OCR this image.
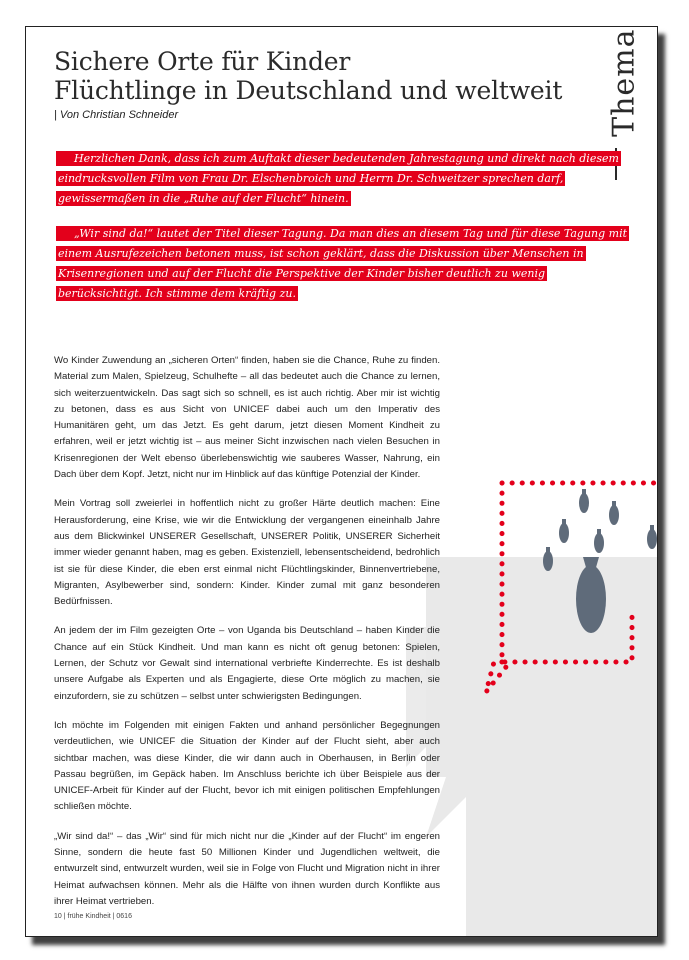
Sichere Orte für Kinder
Flüchtlinge in Deutschland und weltweit
| Von Christian Schneider	Thema

Herzlichen Dank, dass ich zum Auftakt dieser bedeutenden Jahrestagung und direkt nach diesem eindrucksvollen Film von Frau Dr. Elschenbroich und Herrn Dr. Schweitzer sprechen darf, gewissermaßen in die „Ruhe auf der Flucht“ hinein.

„Wir sind da!“ lautet der Titel dieser Tagung. Da man dies an diesem Tag und für diese Tagung mit einem Ausrufezeichen betonen muss, ist schon geklärt, dass die Diskussion über Menschen in Krisenregionen und auf der Flucht die Perspektive der Kinder bisher deutlich zu wenig berücksichtigt. Ich stimme dem kräftig zu.

Wo Kinder Zuwendung an „sicheren Orten“ finden, haben sie die Chance, Ruhe zu finden. Material zum Malen, Spielzeug, Schulhefte – all das bedeutet auch die Chance zu lernen, sich weiterzuentwickeln. Das sagt sich so schnell, es ist auch richtig. Aber mir ist wichtig zu betonen, dass es aus Sicht von UNICEF dabei auch um den Imperativ des Humanitären geht, um das Jetzt. Es geht darum, jetzt diesen Moment Kindheit zu erfahren, weil er jetzt wichtig ist – aus meiner Sicht inzwischen nach vielen Besuchen in Krisenregionen der Welt ebenso überlebenswichtig wie sauberes Wasser, Nahrung, ein Dach über dem Kopf. Jetzt, nicht nur im Hinblick auf das künftige Potenzial der Kinder.

Mein Vortrag soll zweierlei in hoffentlich nicht zu großer Härte deutlich machen: Eine Herausforderung, eine Krise, wie wir die Entwicklung der vergangenen eineinhalb Jahre aus dem Blickwinkel UNSERER Gesellschaft, UNSERER Politik, UNSERER Sicherheit immer wieder genannt haben, mag es geben. Existenziell, lebensentscheidend, bedrohlich ist sie für diese Kinder, die eben erst einmal nicht Flüchtlingskinder, Binnenvertriebene, Migranten, Asylbewerber sind, sondern: Kinder. Kinder zumal mit ganz besonderen Bedürfnissen.

An jedem der im Film gezeigten Orte – von Uganda bis Deutschland – haben Kinder die Chance auf ein Stück Kindheit. Und man kann es nicht oft genug betonen: Spielen, Lernen, der Schutz vor Gewalt sind international verbriefte Kinderrechte. Es ist deshalb unsere Aufgabe als Experten und als Engagierte, diese Orte möglich zu machen, sie einzufordern, sie zu schützen – selbst unter schwierigsten Bedingungen.

Ich möchte im Folgenden mit einigen Fakten und anhand persönlicher Begegnungen verdeutlichen, wie UNICEF die Situation der Kinder auf der Flucht sieht, aber auch sichtbar machen, was diese Kinder, die wir dann auch in Oberhausen, in Berlin oder Passau begrüßen, im Gepäck haben. Im Anschluss berichte ich über Beispiele aus der UNICEF-Arbeit für Kinder auf der Flucht, bevor ich mit einigen politischen Empfehlungen schließen möchte.

„Wir sind da!“ – das „Wir“ sind für mich nicht nur die „Kinder auf der Flucht“ im engeren Sinne, sondern die heute fast 50 Millionen Kinder und Jugendlichen weltweit, die entwurzelt sind, entwurzelt wurden, weil sie in Folge von Flucht und Migration nicht in ihrer Heimat aufwachsen können. Mehr als die Hälfte von ihnen wurden durch Konflikte aus ihrer Heimat vertrieben.

10 | frühe Kindheit | 0616
